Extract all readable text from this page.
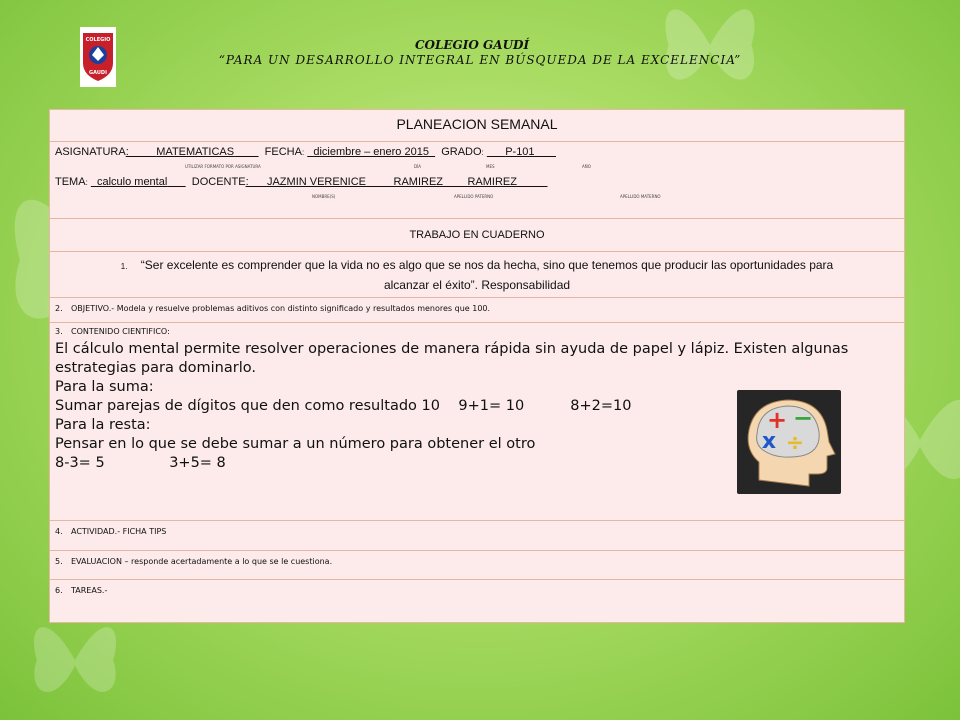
COLEGIO
GAUDI
COLEGIO GAUDÍ
“PARA UN DESARROLLO INTEGRAL EN BÚSQUEDA DE LA EXCELENCIA”
PLANEACION SEMANAL
ASIGNATURA:         MATEMATICAS	FECHA: diciembre – enero 2015 GRADO: P-101
UTILIZAR FORMATO POR ASIGNATURA	DÍA	MES	AÑO
TEMA: calculo mental DOCENTE:      JAZMIN VERENICE	RAMIREZ RAMIREZ
NOMBRE(S)	APELLIDO PATERNO	APELLIDO MATERNO
TRABAJO EN CUADERNO
1. “Ser excelente es comprender que la vida no es algo que se nos da hecha, sino que tenemos que producir las oportunidades para
alcanzar el éxito”. Responsabilidad
2. OBJETIVO.- Modela y resuelve problemas aditivos con distinto significado y resultados menores que 100.
3. CONTENIDO CIENTIFICO:
El cálculo mental permite resolver operaciones de manera rápida sin ayuda de papel y lápiz. Existen algunas estrategias para dominarlo.
Para la suma:
Sumar parejas de dígitos que den como resultado 10    9+1= 10          8+2=10
Para la resta:
Pensar en lo que se debe sumar a un número para obtener el otro
8-3= 5              3+5= 8
+ −
x ÷
4. ACTIVIDAD.- FICHA TIPS
5. EVALUACION – responde acertadamente a lo que se le cuestiona.
6. TAREAS.-
